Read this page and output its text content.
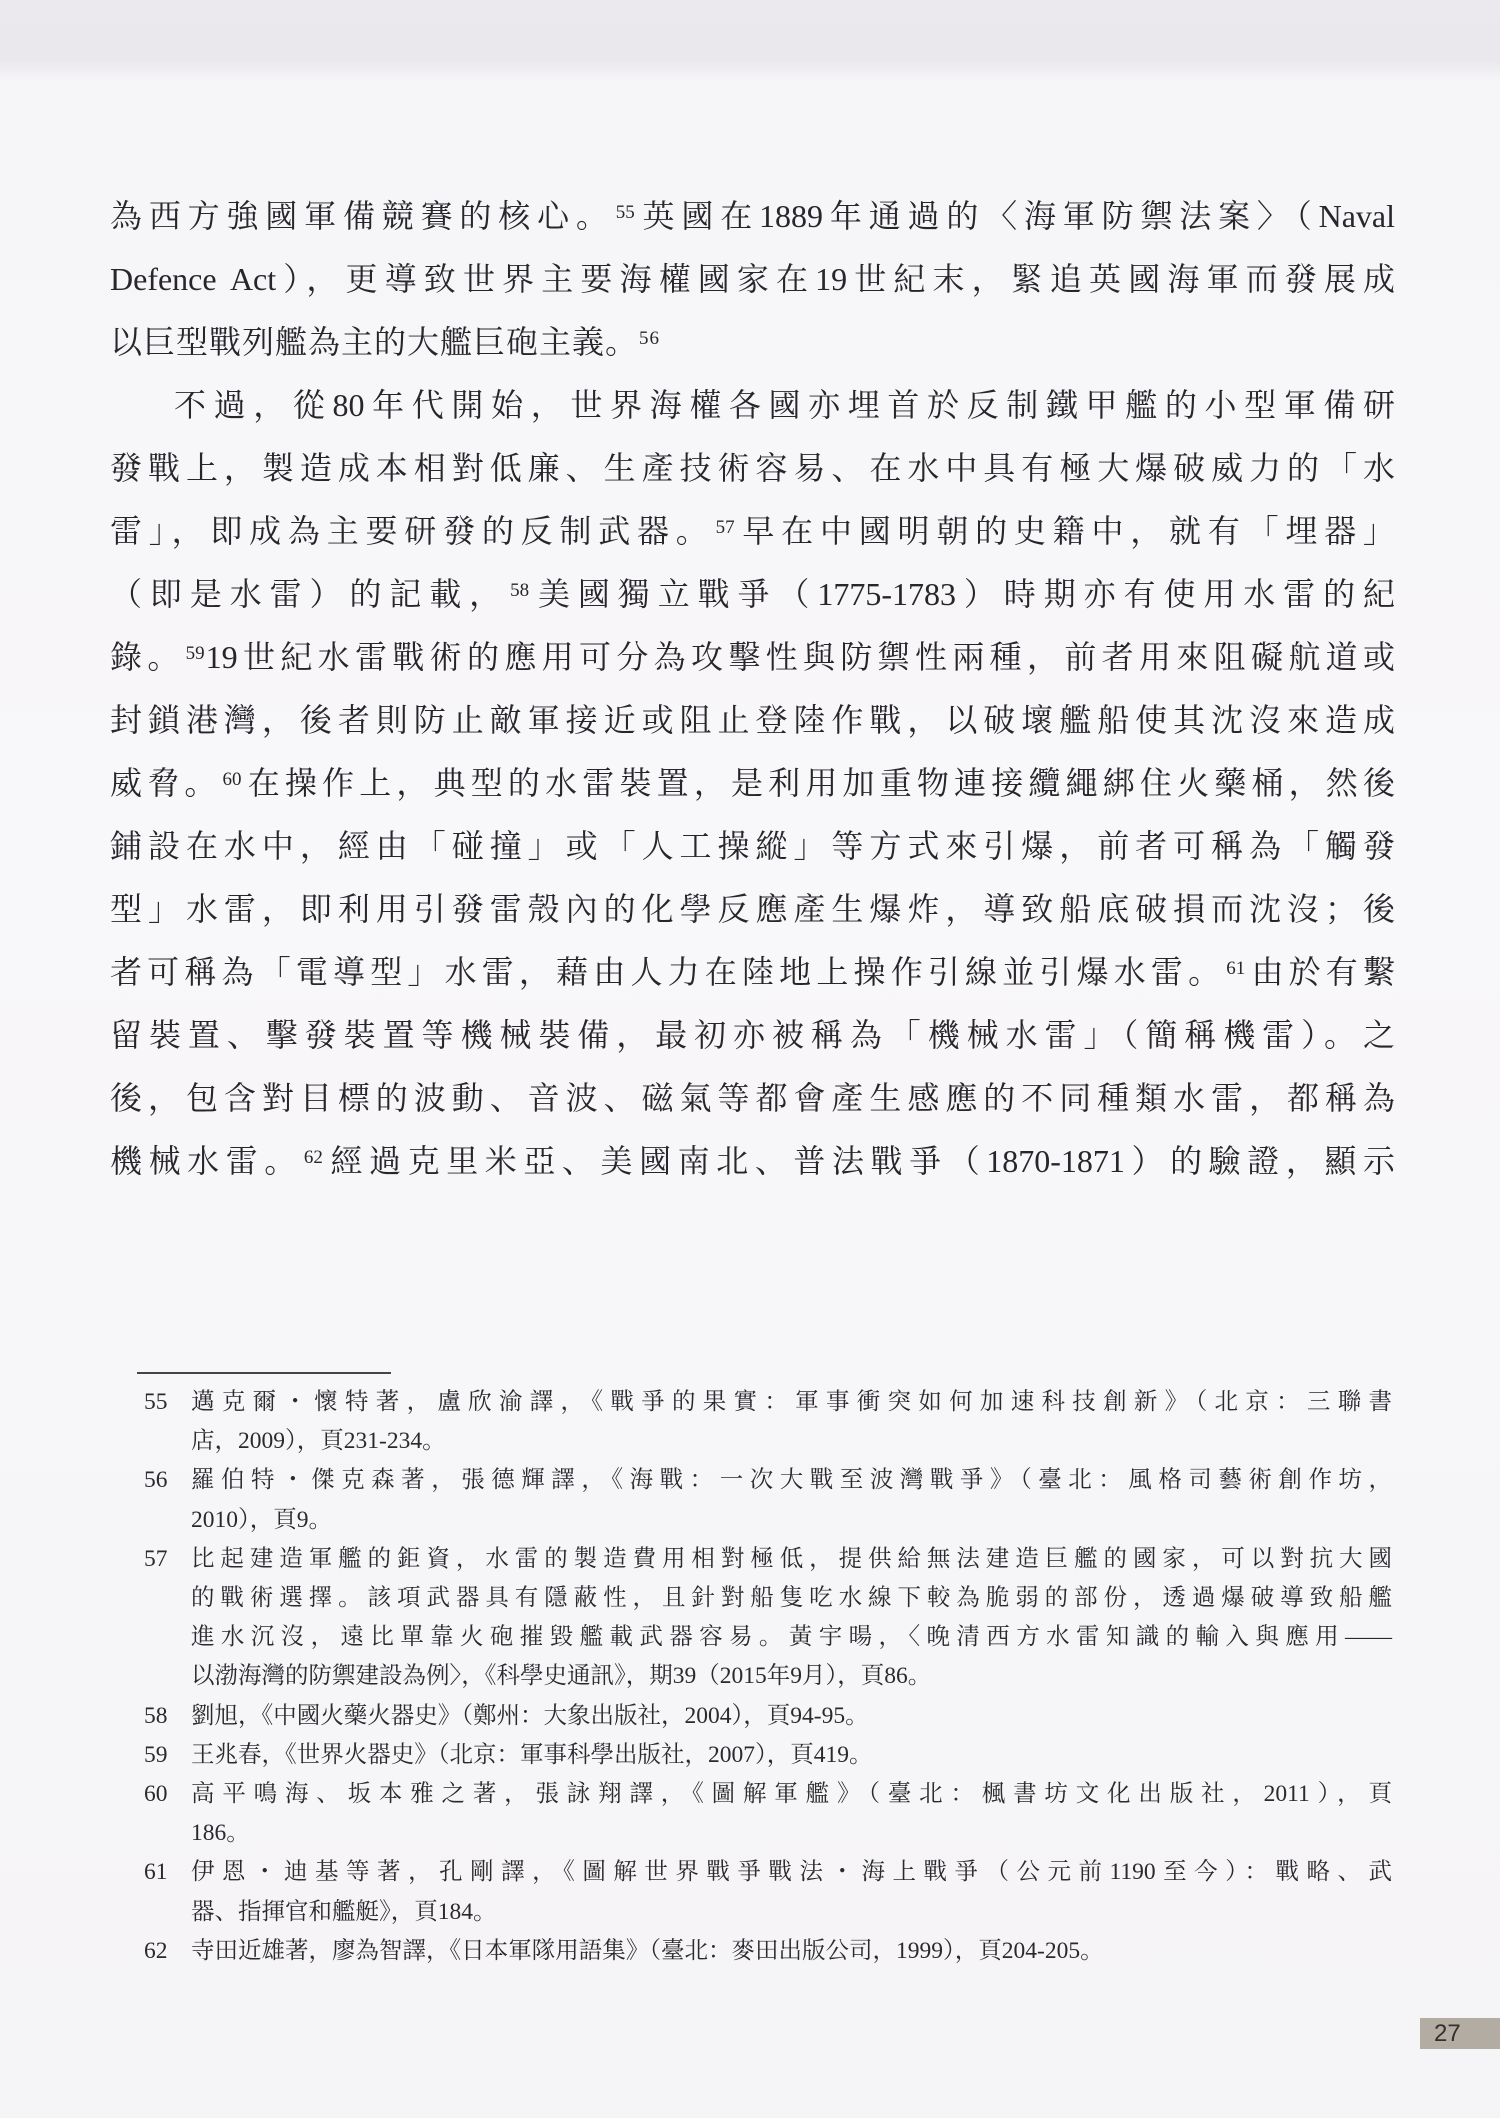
為西方強國軍備競賽的核心。$^{55}$英國在1889年通過的〈海軍防禦法案〉（Naval
Defence Act），更導致世界主要海權國家在19世紀末，緊追英國海軍而發展成
以巨型戰列艦為主的大艦巨砲主義。$^{56}$
不過，從80年代開始，世界海權各國亦埋首於反制鐵甲艦的小型軍備研
發戰上，製造成本相對低廉、生產技術容易、在水中具有極大爆破威力的「水
雷」，即成為主要研發的反制武器。$^{57}$早在中國明朝的史籍中，就有「埋器」
（即是水雷）的記載，$^{58}$美國獨立戰爭（1775-1783）時期亦有使用水雷的紀
錄。$^{59}$19世紀水雷戰術的應用可分為攻擊性與防禦性兩種，前者用來阻礙航道或
封鎖港灣，後者則防止敵軍接近或阻止登陸作戰，以破壞艦船使其沈沒來造成
威脅。$^{60}$在操作上，典型的水雷裝置，是利用加重物連接纜繩綁住火藥桶，然後
鋪設在水中，經由「碰撞」或「人工操縱」等方式來引爆，前者可稱為「觸發
型」水雷，即利用引發雷殼內的化學反應產生爆炸，導致船底破損而沈沒；後
者可稱為「電導型」水雷，藉由人力在陸地上操作引線並引爆水雷。$^{61}$由於有繫
留裝置、擊發裝置等機械裝備，最初亦被稱為「機械水雷」（簡稱機雷）。之
後，包含對目標的波動、音波、磁氣等都會產生感應的不同種類水雷，都稱為
機械水雷。$^{62}$經過克里米亞、美國南北、普法戰爭（1870-1871）的驗證，顯示
55 邁克爾・懷特著，盧欣渝譯，《戰爭的果實：軍事衝突如何加速科技創新》（北京：三聯書
店，2009），頁231-234。
56 羅伯特・傑克森著，張德輝譯，《海戰：一次大戰至波灣戰爭》（臺北：風格司藝術創作坊，
2010），頁9。
57 比起建造軍艦的鉅資，水雷的製造費用相對極低，提供給無法建造巨艦的國家，可以對抗大國
的戰術選擇。該項武器具有隱蔽性，且針對船隻吃水線下較為脆弱的部份，透過爆破導致船艦
進水沉沒，遠比單靠火砲摧毀艦載武器容易。黃宇暘，〈晚清西方水雷知識的輸入與應用——
以渤海灣的防禦建設為例〉，《科學史通訊》，期39（2015年9月），頁86。
58 劉旭，《中國火藥火器史》（鄭州：大象出版社，2004），頁94-95。
59 王兆春，《世界火器史》（北京：軍事科學出版社，2007），頁419。
60 高平鳴海、坂本雅之著，張詠翔譯，《圖解軍艦》（臺北：楓書坊文化出版社，2011），頁
186。
61 伊恩・迪基等著，孔剛譯，《圖解世界戰爭戰法・海上戰爭（公元前1190至今）：戰略、武
器、指揮官和艦艇》，頁184。
62 寺田近雄著，廖為智譯，《日本軍隊用語集》（臺北：麥田出版公司，1999），頁204-205。
27
